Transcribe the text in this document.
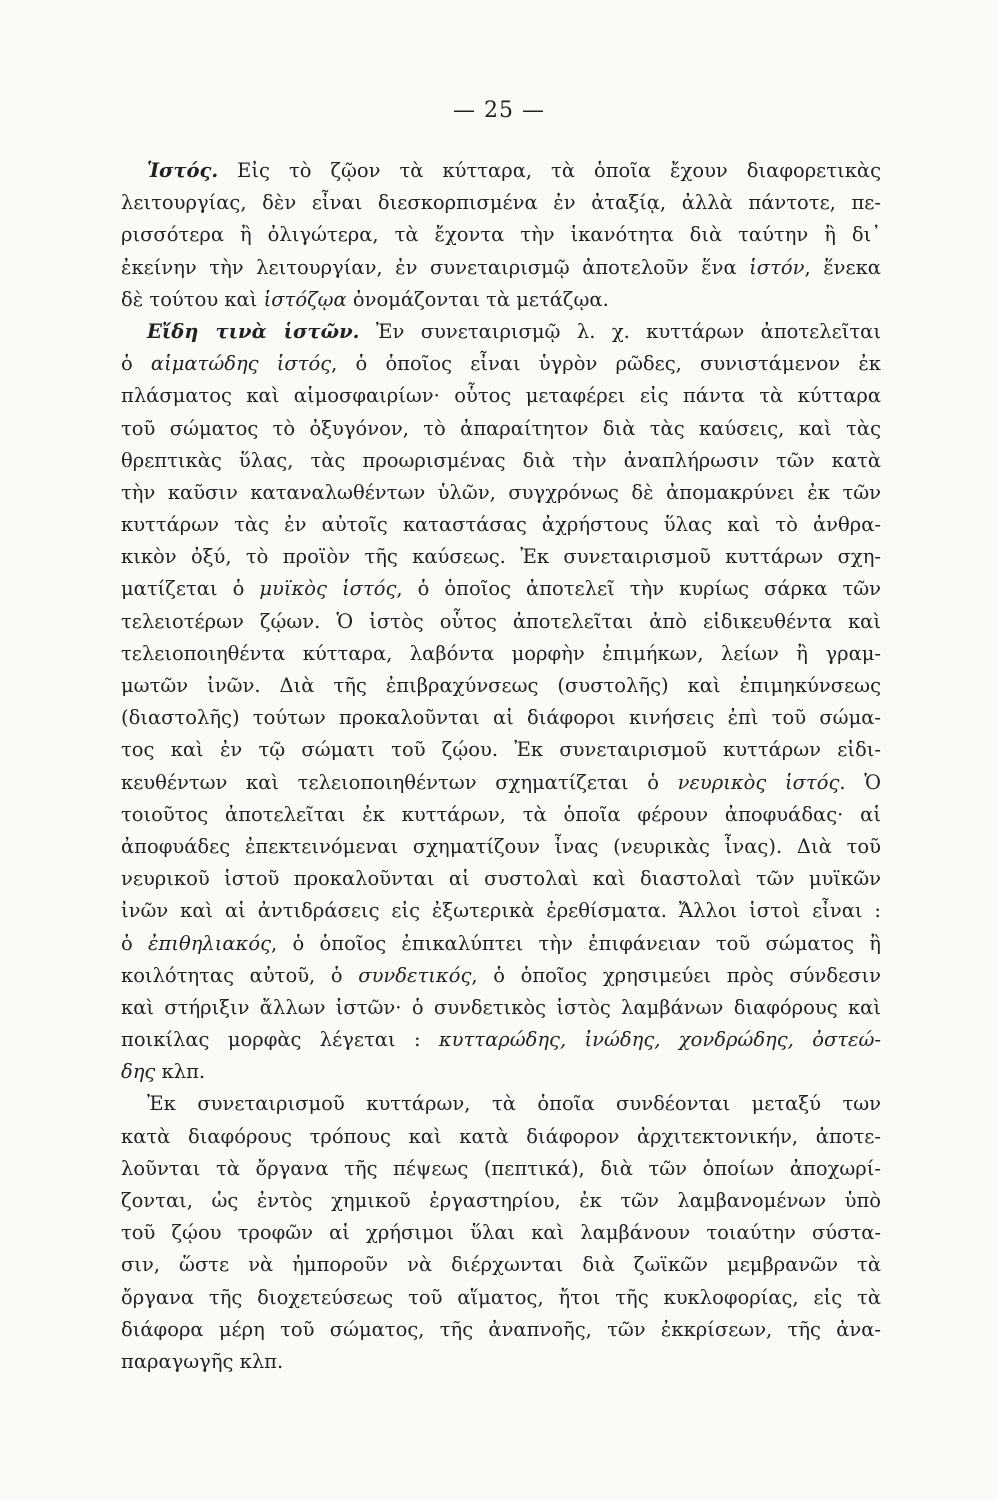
— 25 —
Ἱστός. Εἰς τὸ ζῷον τὰ κύτταρα, τὰ ὁποῖα ἔχουν διαφορετικὰς
λειτουργίας, δὲν εἶναι διεσκορπισμένα ἐν ἀταξίᾳ, ἀλλὰ πάντοτε, πε-
ρισσότερα ἢ ὀλιγώτερα, τὰ ἔχοντα τὴν ἱκανότητα διὰ ταύτην ἢ δι᾿
ἐκείνην τὴν λειτουργίαν, ἐν συνεταιρισμῷ ἀποτελοῦν ἕνα ἱστόν, ἕνεκα
δὲ τούτου καὶ ἱστόζῳα ὀνομάζονται τὰ μετάζῳα.
Εἴδη τινὰ ἱστῶν. Ἐν συνεταιρισμῷ λ. χ. κυττάρων ἀποτελεῖται
ὁ αἱματώδης ἱστός, ὁ ὁποῖος εἶναι ὑγρὸν ρῶδες, συνιστάμενον ἐκ
πλάσματος καὶ αἱμοσφαιρίων· οὗτος μεταφέρει εἰς πάντα τὰ κύτταρα
τοῦ σώματος τὸ ὀξυγόνον, τὸ ἀπαραίτητον διὰ τὰς καύσεις, καὶ τὰς
θρεπτικὰς ὕλας, τὰς προωρισμένας διὰ τὴν ἀναπλήρωσιν τῶν κατὰ
τὴν καῦσιν καταναλωθέντων ὑλῶν, συγχρόνως δὲ ἀπομακρύνει ἐκ τῶν
κυττάρων τὰς ἐν αὐτοῖς καταστάσας ἀχρήστους ὕλας καὶ τὸ ἀνθρα-
κικὸν ὀξύ, τὸ προϊὸν τῆς καύσεως. Ἐκ συνεταιρισμοῦ κυττάρων σχη-
ματίζεται ὁ μυϊκὸς ἱστός, ὁ ὁποῖος ἀποτελεῖ τὴν κυρίως σάρκα τῶν
τελειοτέρων ζῴων. Ὁ ἱστὸς οὗτος ἀποτελεῖται ἀπὸ εἰδικευθέντα καὶ
τελειοποιηθέντα κύτταρα, λαβόντα μορφὴν ἐπιμήκων, λείων ἢ γραμ-
μωτῶν ἰνῶν. Διὰ τῆς ἐπιβραχύνσεως (συστολῆς) καὶ ἐπιμηκύνσεως
(διαστολῆς) τούτων προκαλοῦνται αἱ διάφοροι κινήσεις ἐπὶ τοῦ σώμα-
τος καὶ ἐν τῷ σώματι τοῦ ζῴου. Ἐκ συνεταιρισμοῦ κυττάρων εἰδι-
κευθέντων καὶ τελειοποιηθέντων σχηματίζεται ὁ νευρικὸς ἱστός. Ὁ
τοιοῦτος ἀποτελεῖται ἐκ κυττάρων, τὰ ὁποῖα φέρουν ἀποφυάδας· αἱ
ἀποφυάδες ἐπεκτεινόμεναι σχηματίζουν ἶνας (νευρικὰς ἶνας). Διὰ τοῦ
νευρικοῦ ἱστοῦ προκαλοῦνται αἱ συστολαὶ καὶ διαστολαὶ τῶν μυϊκῶν
ἰνῶν καὶ αἱ ἀντιδράσεις εἰς ἐξωτερικὰ ἐρεθίσματα. Ἄλλοι ἱστοὶ εἶναι :
ὁ ἐπιθηλιακός, ὁ ὁποῖος ἐπικαλύπτει τὴν ἐπιφάνειαν τοῦ σώματος ἢ
κοιλότητας αὐτοῦ, ὁ συνδετικός, ὁ ὁποῖος χρησιμεύει πρὸς σύνδεσιν
καὶ στήριξιν ἄλλων ἱστῶν· ὁ συνδετικὸς ἱστὸς λαμβάνων διαφόρους καὶ
ποικίλας μορφὰς λέγεται : κυτταρώδης, ἰνώδης, χονδρώδης, ὀστεώ-
δης κλπ.
Ἐκ συνεταιρισμοῦ κυττάρων, τὰ ὁποῖα συνδέονται μεταξύ των
κατὰ διαφόρους τρόπους καὶ κατὰ διάφορον ἀρχιτεκτονικήν, ἀποτε-
λοῦνται τὰ ὄργανα τῆς πέψεως (πεπτικά), διὰ τῶν ὁποίων ἀποχωρί-
ζονται, ὡς ἐντὸς χημικοῦ ἐργαστηρίου, ἐκ τῶν λαμβανομένων ὑπὸ
τοῦ ζῴου τροφῶν αἱ χρήσιμοι ὕλαι καὶ λαμβάνουν τοιαύτην σύστα-
σιν, ὥστε νὰ ἠμποροῦν νὰ διέρχωνται διὰ ζωϊκῶν μεμβρανῶν τὰ
ὄργανα τῆς διοχετεύσεως τοῦ αἵματος, ἤτοι τῆς κυκλοφορίας, εἰς τὰ
διάφορα μέρη τοῦ σώματος, τῆς ἀναπνοῆς, τῶν ἐκκρίσεων, τῆς ἀνα-
παραγωγῆς κλπ.
